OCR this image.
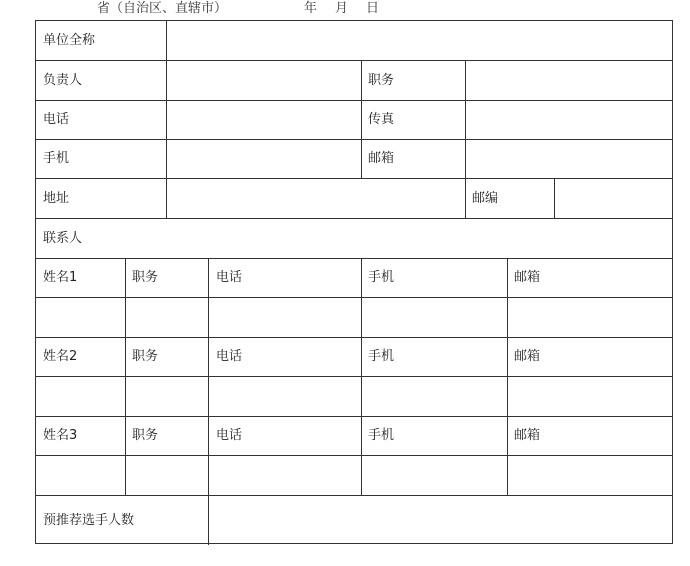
省（自治区、直辖市）	年 月 日
单位全称
负责人	职务
电话	传真
手机	邮箱
地址	邮编
联系人
姓名1	职务	电话	手机	邮箱
姓名2	职务	电话	手机	邮箱
姓名3	职务	电话	手机	邮箱
预推荐选手人数
